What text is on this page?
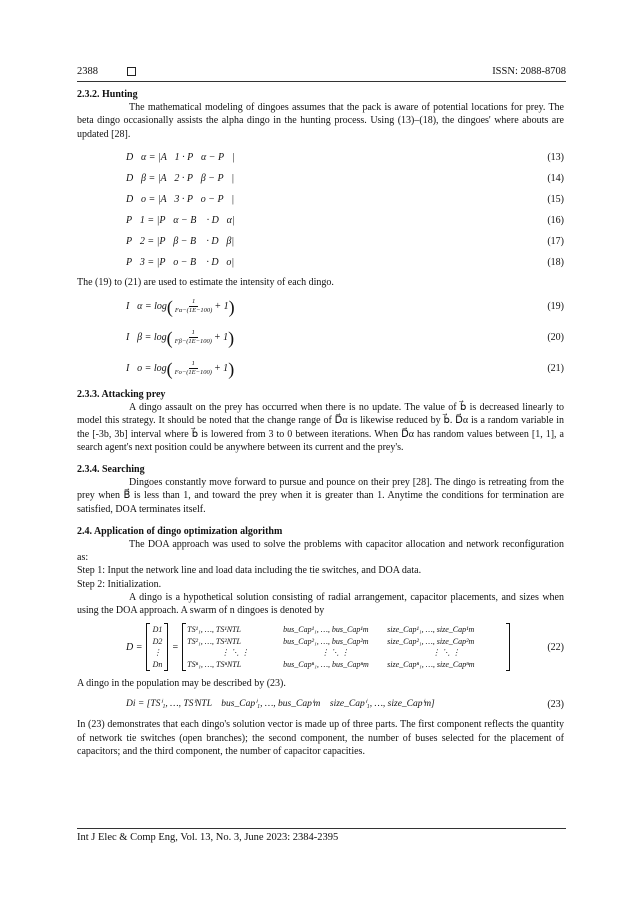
2388	ISSN: 2088-8708

2.3.2. Hunting

The mathematical modeling of dingoes assumes that the pack is aware of potential locations for prey. The beta dingo occasionally assists the alpha dingo in the hunting process. Using (13)–(18), the dingoes' where abouts are updated [28].

D⃗α = |A⃗1 · P⃗α − P⃗|	(13)
D⃗β = |A⃗2 · P⃗β − P⃗|	(14)
D⃗o = |A⃗3 · P⃗o − P⃗|	(15)
P⃗1 = |P⃗α − B⃗ · D⃗α|	(16)
P⃗2 = |P⃗β − B⃗ · D⃗β|	(17)
P⃗3 = |P⃗o − B⃗ · D⃗o|	(18)

The (19) to (21) are used to estimate the intensity of each dingo.

I⃗α = log ( $\frac{1}{F\alpha-(1E-100)} + 1$ )	(19)
I⃗β = log ( $\frac{1}{F\beta-(1E-100)} + 1$ )	(20)
I⃗o = log ( $\frac{1}{Fo-(1E-100)} + 1$ )	(21)

2.3.3. Attacking prey

A dingo assault on the prey has occurred when there is no update. The value of b⃗ is decreased linearly to model this strategy. It should be noted that the change range of D⃗α is likewise reduced by b⃗. D⃗α is a random variable in the [-3b, 3b] interval where b⃗ is lowered from 3 to 0 between iterations. When D⃗α has random values between [1, 1], a search agent's next position could be anywhere between its current and the prey's.

2.3.4. Searching

Dingoes constantly move forward to pursue and pounce on their prey [28]. The dingo is retreating from the prey when B⃗ is less than 1, and toward the prey when it is greater than 1. Anytime the conditions for termination are satisfied, DOA terminates itself.

2.4. Application of dingo optimization algorithm

The DOA approach was used to solve the problems with capacitor allocation and network reconfiguration as:

Step 1: Input the network line and load data including the tie switches, and DOA data.

Step 2: Initialization.

A dingo is a hypothetical solution consisting of radial arrangement, capacitor placements, and sizes when using the DOA approach. A swarm of n dingoes is denoted by

D =
D1
D2
⋮
Dn
=
TS¹₁, …, TS¹NTL	bus_Cap¹₁, …, bus_Cap¹m size_Cap¹₁, …, size_Cap¹m
TS²₁, …, TS²NTL	bus_Cap²₁, …, bus_Cap²m size_Cap²₁, …, size_Cap²m
⋮ ⋱ ⋮	⋮ ⋱ ⋮	⋮ ⋱ ⋮
TSⁿ₁, …, TSⁿNTL	bus_Capⁿ₁, …, bus_Capⁿm size_Capⁿ₁, …, size_Capⁿm
(22)

A dingo in the population may be described by (23).

Di = [TSⁱ₁, …, TSⁱNTL    bus_Capⁱ₁, …, bus_Capⁱm    size_Capⁱ₁, …, size_Capⁱm]	(23)

In (23) demonstrates that each dingo's solution vector is made up of three parts. The first component reflects the quantity of network tie switches (open branches); the second component, the number of buses selected for the placement of capacitors; and the third component, the number of capacitor capacities.

Int J Elec & Comp Eng, Vol. 13, No. 3, June 2023: 2384-2395
